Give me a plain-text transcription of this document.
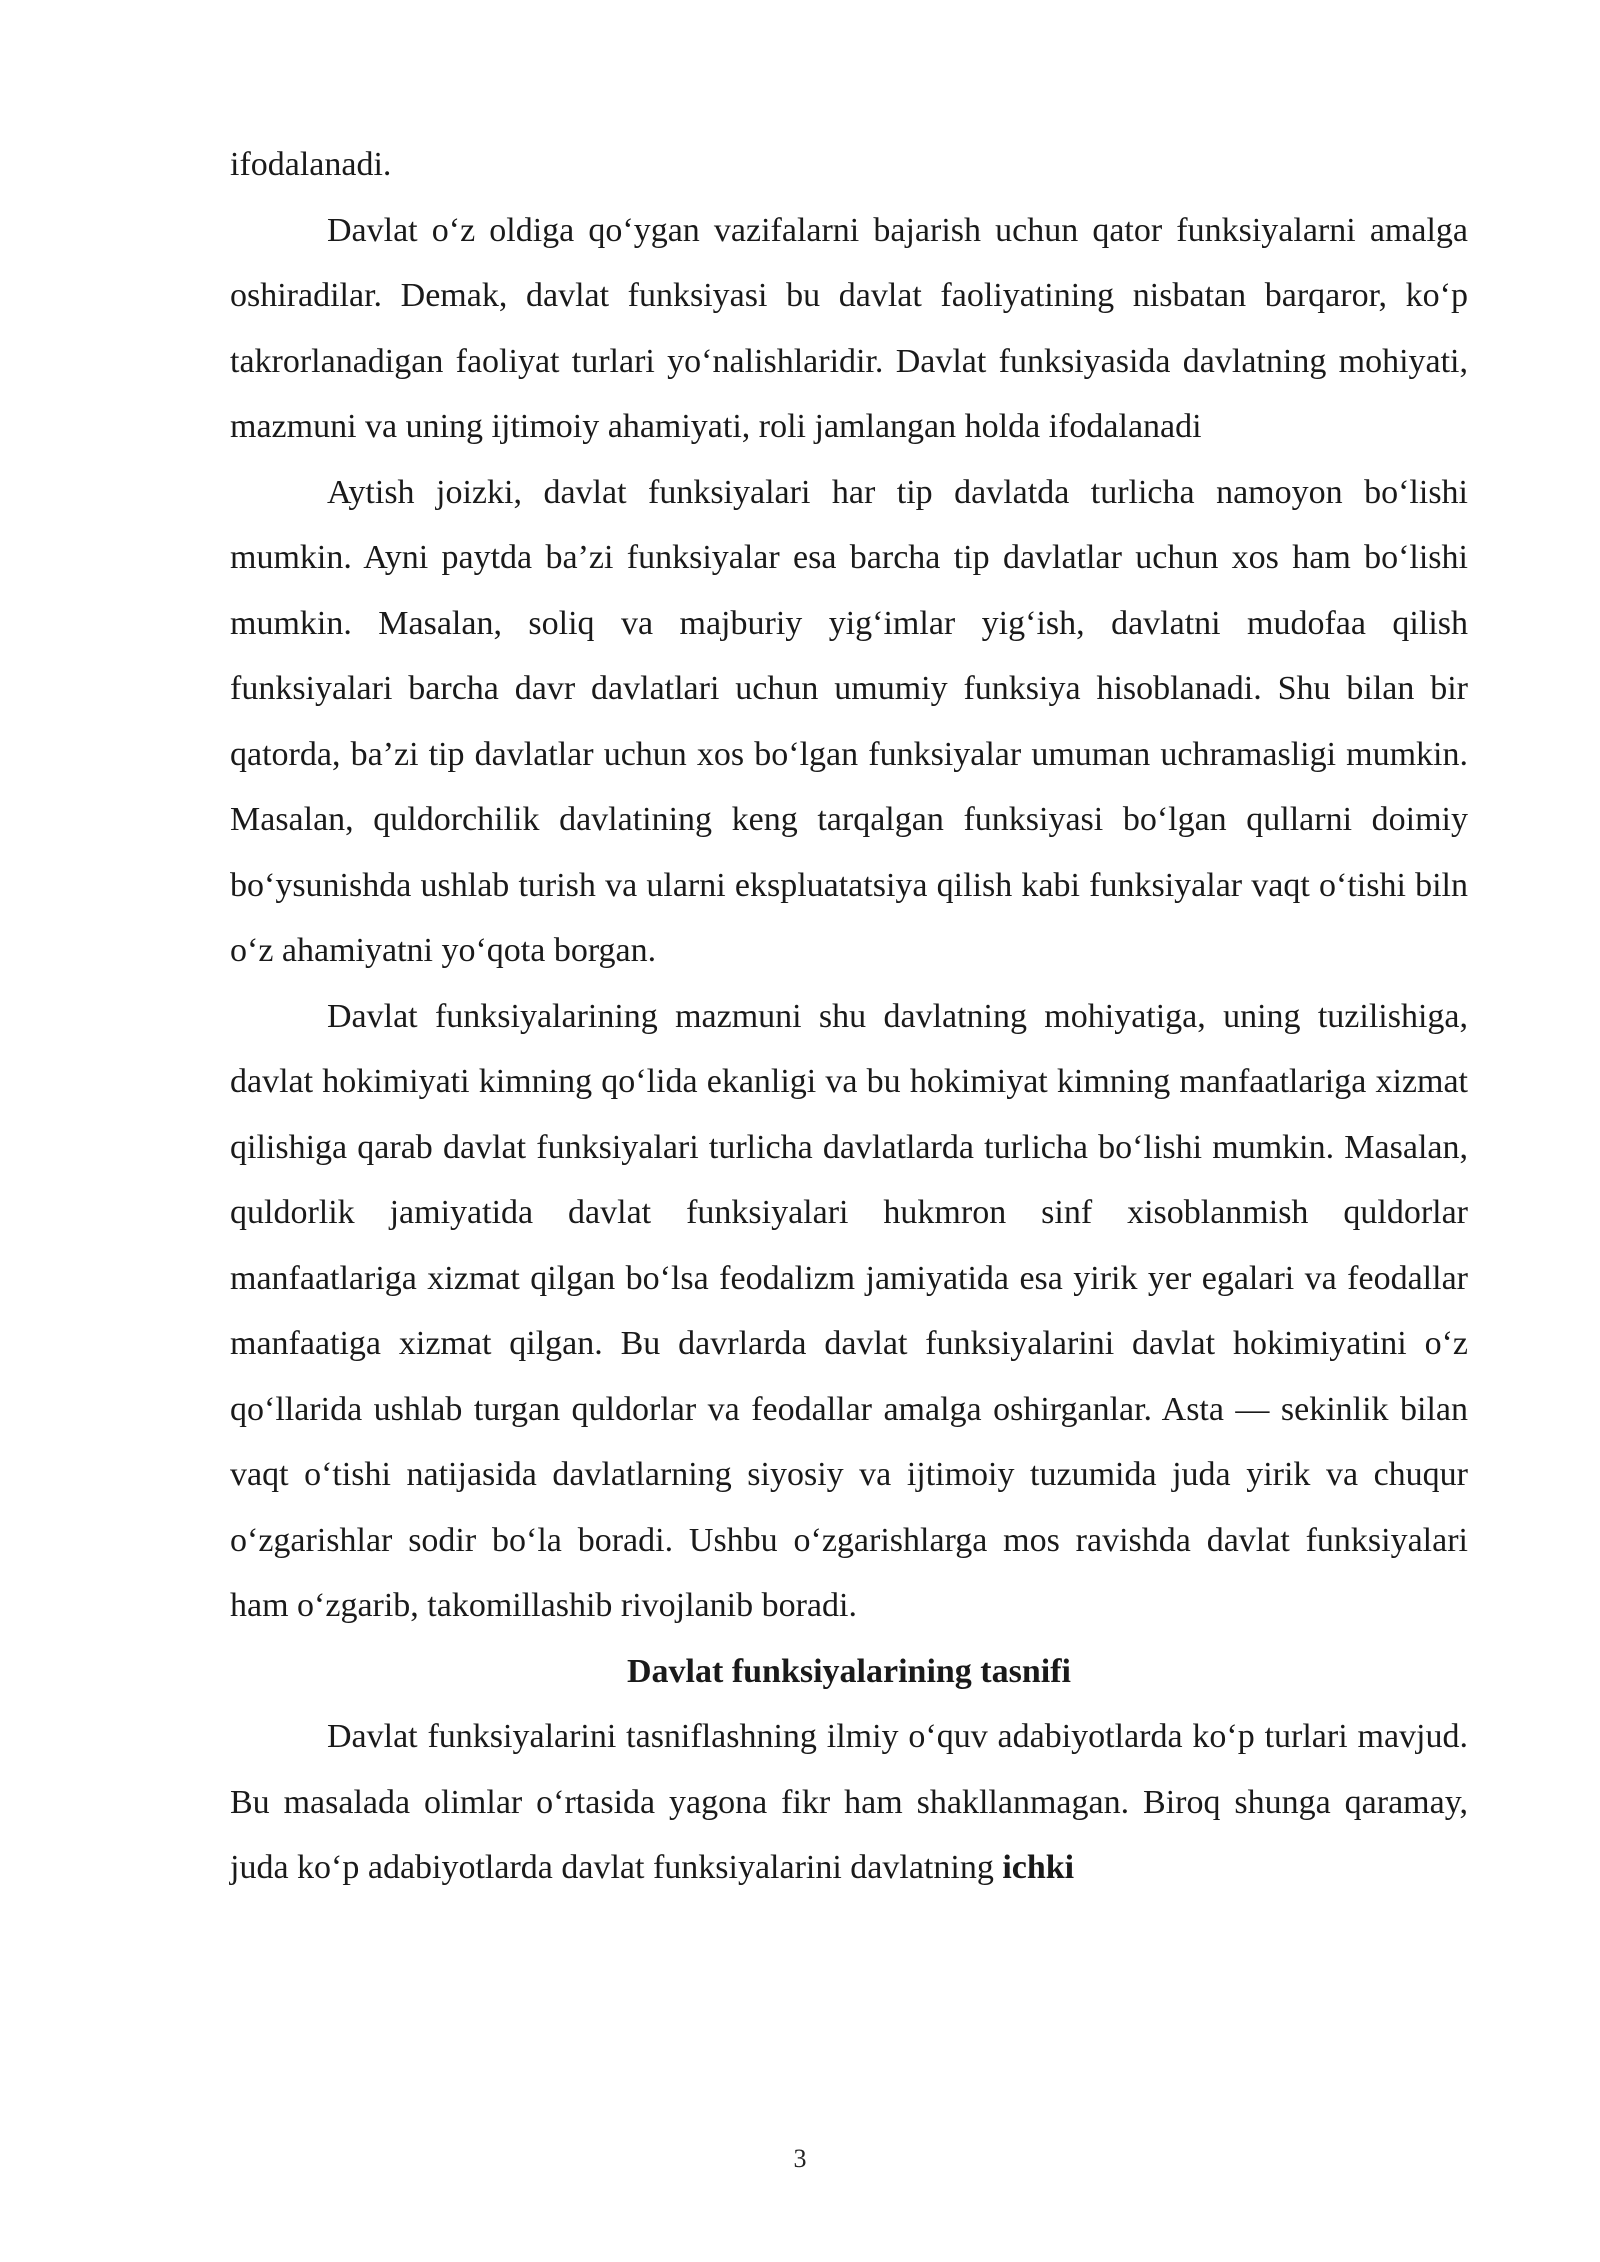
ifodalanadi.

Davlat o‘z oldiga qo‘ygan vazifalarni bajarish uchun qator funksiyalarni amalga oshiradilar. Demak, davlat funksiyasi bu davlat faoliyatining nisbatan barqaror, ko‘p takrorlanadigan faoliyat turlari yo‘nalishlaridir. Davlat funksiyasida davlatning mohiyati, mazmuni va uning ijtimoiy ahamiyati, roli jamlangan holda ifodalanadi

Aytish joizki, davlat funksiyalari har tip davlatda turlicha namoyon bo‘lishi mumkin. Ayni paytda ba’zi funksiyalar esa barcha tip davlatlar uchun xos ham bo‘lishi mumkin. Masalan, soliq va majburiy yig‘imlar yig‘ish, davlatni mudofaa qilish funksiyalari barcha davr davlatlari uchun umumiy funksiya hisoblanadi. Shu bilan bir qatorda, ba’zi tip davlatlar uchun xos bo‘lgan funksiyalar umuman uchramasligi mumkin. Masalan, quldorchilik davlatining keng tarqalgan funksiyasi bo‘lgan qullarni doimiy bo‘ysunishda ushlab turish va ularni ekspluatatsiya qilish kabi funksiyalar vaqt o‘tishi biln o‘z ahamiyatni yo‘qota borgan.

Davlat funksiyalarining mazmuni shu davlatning mohiyatiga, uning tuzilishiga, davlat hokimiyati kimning qo‘lida ekanligi va bu hokimiyat kimning manfaatlariga xizmat qilishiga qarab davlat funksiyalari turlicha davlatlarda turlicha bo‘lishi mumkin. Masalan, quldorlik jamiyatida davlat funksiyalari hukmron sinf xisoblanmish quldorlar manfaatlariga xizmat qilgan bo‘lsa feodalizm jamiyatida esa yirik yer egalari va feodallar manfaatiga xizmat qilgan. Bu davrlarda davlat funksiyalarini davlat hokimiyatini o‘z qo‘llarida ushlab turgan quldorlar va feodallar amalga oshirganlar. Asta — sekinlik bilan vaqt o‘tishi natijasida davlatlarning siyosiy va ijtimoiy tuzumida juda yirik va chuqur o‘zgarishlar sodir bo‘la boradi. Ushbu o‘zgarishlarga mos ravishda davlat funksiyalari ham o‘zgarib, takomillashib rivojlanib boradi.

Davlat funksiyalarining tasnifi

Davlat funksiyalarini tasniflashning ilmiy o‘quv adabiyotlarda ko‘p turlari mavjud. Bu masalada olimlar o‘rtasida yagona fikr ham shakllanmagan. Biroq shunga qaramay, juda ko‘p adabiyotlarda davlat funksiyalarini davlatning ichki

3
